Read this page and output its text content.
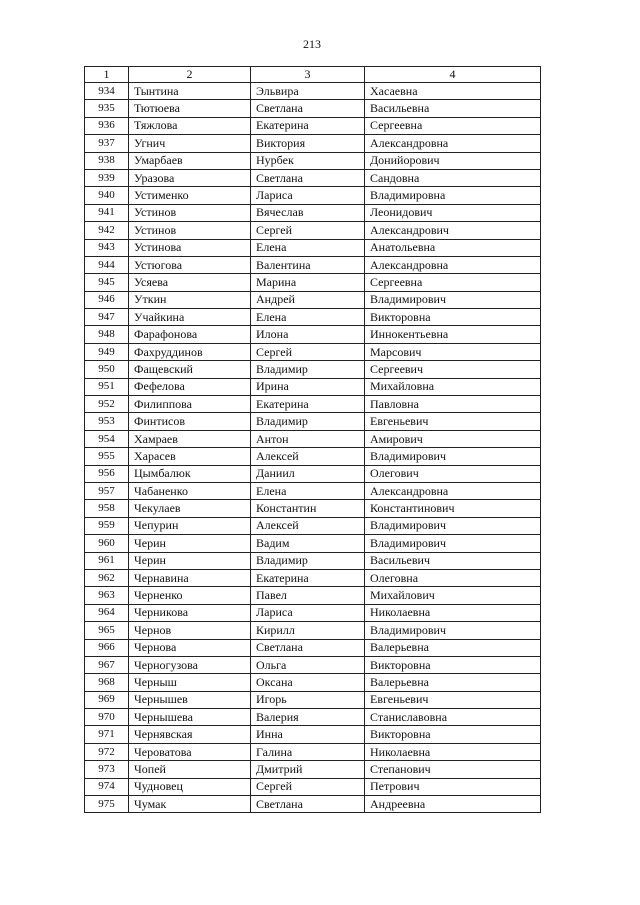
213
1	2	3	4
934	Тынтина	Эльвира	Хасаевна
935	Тютюева	Светлана	Васильевна
936	Тяжлова	Екатерина	Сергеевна
937	Угнич	Виктория	Александровна
938	Умарбаев	Нурбек	Донийорович
939	Уразова	Светлана	Сандовна
940	Устименко	Лариса	Владимировна
941	Устинов	Вячеслав	Леонидович
942	Устинов	Сергей	Александрович
943	Устинова	Елена	Анатольевна
944	Устюгова	Валентина	Александровна
945	Усяева	Марина	Сергеевна
946	Уткин	Андрей	Владимирович
947	Учайкина	Елена	Викторовна
948	Фарафонова	Илона	Иннокентьевна
949	Фахруддинов	Сергей	Марсович
950	Фащевский	Владимир	Сергеевич
951	Фефелова	Ирина	Михайловна
952	Филиппова	Екатерина	Павловна
953	Финтисов	Владимир	Евгеньевич
954	Хамраев	Антон	Амирович
955	Харасев	Алексей	Владимирович
956	Цымбалюк	Даниил	Олегович
957	Чабаненко	Елена	Александровна
958	Чекулаев	Константин	Константинович
959	Чепурин	Алексей	Владимирович
960	Черин	Вадим	Владимирович
961	Черин	Владимир	Васильевич
962	Чернавина	Екатерина	Олеговна
963	Черненко	Павел	Михайлович
964	Черникова	Лариса	Николаевна
965	Чернов	Кирилл	Владимирович
966	Чернова	Светлана	Валерьевна
967	Черногузова	Ольга	Викторовна
968	Черныш	Оксана	Валерьевна
969	Чернышев	Игорь	Евгеньевич
970	Чернышева	Валерия	Станиславовна
971	Чернявская	Инна	Викторовна
972	Чероватова	Галина	Николаевна
973	Чопей	Дмитрий	Степанович
974	Чудновец	Сергей	Петрович
975	Чумак	Светлана	Андреевна
